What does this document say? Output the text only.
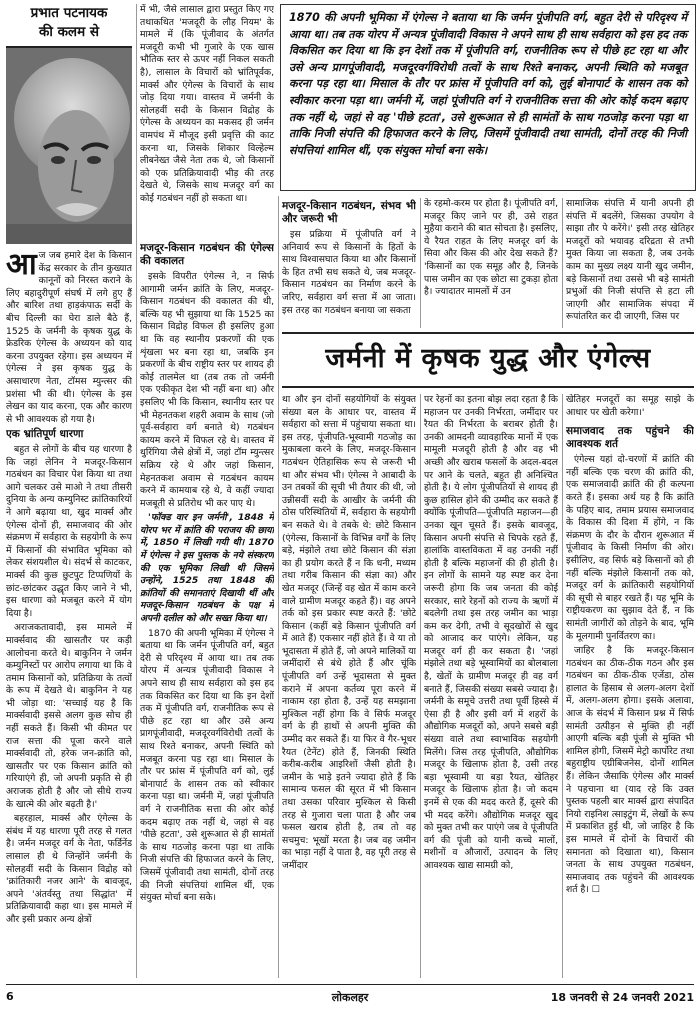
प्रभात पटनायक
की कलम से
1870 की अपनी भूमिका में एंगेल्स ने बताया था कि जर्मन पूंजीपति वर्ग, बहुत देरी से परिदृश्य में आया था। तब तक योरप में अन्यत्र पूंजीवादी विकास ने अपने साथ ही साथ सर्वहारा को इस हद तक विकसित कर दिया था कि इन देशों तक में पूंजीपति वर्ग, राजनीतिक रूप से पीछे हट रहा था और उसे अन्य प्रागपूंजीवादी, मजदूरवर्गविरोधी तत्वों के साथ रिश्ते बनाकर, अपनी स्थिति को मजबूत करना पड़ रहा था। मिसाल के तौर पर फ्रांस में पूंजीपति वर्ग को, लुई बोनापार्ट के शासन तक को स्वीकार करना पड़ा था। जर्मनी में, जहां पूंजीपति वर्ग ने राजनीतिक सत्ता की ओर कोई कदम बढ़ाए तक नहीं थे, जहां से वह 'पीछे हटता', उसे शुरूआत से ही सामंतों के साथ गठजोड़ करना पड़ा था ताकि निजी संपत्ति की हिफाजत करने के लिए, जिसमें पूंजीवादी तथा सामंती, दोनों तरह की निजी संपत्तियां शामिल थीं, एक संयुक्त मोर्चा बना सके।
आ ज जब हमारे देश के किसान केंद्र सरकार के तीन कुख्यात कानूनों को निरस्त कराने के लिए बहादुरीपूर्ण संघर्ष में लगे हुए हैं और बारिश तथा हाड़कंपाऊ सर्दी के बीच दिल्ली का घेरा डाले बैठे हैं, 1525 के जर्मनी के कृषक युद्ध के फ्रेडरिक एंगेल्स के अध्ययन को याद करना उपयुक्त रहेगा। इस अध्ययन में एंगेल्स ने इस कृषक युद्ध के असाधारण नेता, टॉमस म्युन्त्सर की प्रशंसा भी की थी। एंगेल्स के इस लेखन का याद करना, एक और कारण से भी आवश्यक हो गया है।
एक भ्रांतिपूर्ण धारणा

बहुत से लोगों के बीच यह धारणा है कि जहां लेनिन ने मजदूर-किसान गठबंधन का विचार पेश किया था तथा आगे चलकर उसे माओ ने तथा तीसरी दुनिया के अन्य कम्युनिस्ट क्रांतिकारियों ने आगे बढ़ाया था, खुद मार्क्स और एंगेल्स दोनों ही, समाजवाद की ओर संक्रमण में सर्वहारा के सहयोगी के रूप में किसानों की संभावित भूमिका को लेकर संशयशील थे। संदर्भ से काटकर, मार्क्स की कुछ छुटपुट टिप्पणियों के छांट-छांटकर उद्धृत किए जाने ने भी, इस धारणा को मजबूत करने में योग दिया है।

अराजकतावादी, इस मामले में मार्क्सवाद की खासतौर पर कड़ी आलोचना करते थे। बाकुनिन ने जर्मन कम्युनिस्टों पर आरोप लगाया था कि वे तमाम किसानों को, प्रतिक्रिया के तत्वों के रूप में देखते थे। बाकुनिन ने यह भी जोड़ा था: 'सच्चाई यह है कि मार्क्सवादी इससे अलग कुछ सोच ही नहीं सकते हैं। किसी भी कीमत पर राज सत्ता की पूजा करने वाले मार्क्सवादी तो, हरेक जन-क्रांति को, खासतौर पर एक किसान क्रांति को गरियाएंगे ही, जो अपनी प्रकृति से ही अराजक होती है और जो सीधे राज्य के खात्मे की ओर बढ़ती है।'

बहरहाल, मार्क्स और एंगेल्स के संबंध में यह धारणा पूरी तरह से गलत है। जर्मन मजदूर वर्ग के नेता, फर्डिनेंड लासाल ही थे जिन्होंने जर्मनी के सोलहवीं सदी के किसान विद्रोह को 'क्रांतिकारी नजर आने' के बावजूद, अपने 'अंतर्वस्तु तथा सिद्धांत' में प्रतिक्रियावादी कहा था। इस मामले में और इसी प्रकार अन्य क्षेत्रों

में भी, जैसे लासाल द्वारा प्रस्तुत किए गए तथाकथित 'मजदूरी के लौह नियम' के मामले में (कि पूंजीवाद के अंतर्गत मजदूरी कभी भी गुजारे के एक खास भौतिक स्तर से ऊपर नहीं निकल सकती है), लासाल के विचारों को भ्रांतिपूर्वक, मार्क्स और एंगेल्स के विचारों के साथ जोड़ दिया गया। वास्तव में जर्मनी के सोलहवीं सदी के किसान विद्रोह के एंगेल्स के अध्ययन का मकसद ही जर्मन वामपंथ में मौजूद इसी प्रवृत्ति की काट करना था, जिसके शिकार विल्हेल्म लीबनेख्त जैसे नेता तक थे, जो किसानों को एक प्रतिक्रियावादी भीड़ की तरह देखते थे, जिसके साथ मजदूर वर्ग का कोई गठबंधन नहीं हो सकता था।
मजदूर-किसान गठबंधन की एंगेल्स की वकालत

इसके विपरीत एंगेल्स ने, न सिर्फ आगामी जर्मन क्रांति के लिए, मजदूर-किसान गठबंधन की वकालत की थी, बल्कि यह भी सुझाया था कि 1525 का किसान विद्रोह विफल ही इसलिए हुआ था कि वह स्थानीय प्रकरणों की एक शृंखला भर बना रहा था, जबकि इन प्रकरणों के बीच राष्ट्रीय स्तर पर शायद ही कोई तालमेल था (तब तक तो जर्मनी एक एकीकृत देश भी नहीं बना था) और इसलिए भी कि किसान, स्थानीय स्तर पर भी मेहनतकश शहरी अवाम के साथ (जो पूर्व-सर्वहारा वर्ग बनाते थे) गठबंधन कायम करने में विफल रहे थे। वास्तव में थुरिंगिया जैसे क्षेत्रों में, जहां टॉम म्युन्त्सर सक्रिय रहे थे और जहां किसान, मेहनतकश अवाम से गठबंधन कायम करने में कामयाब रहे थे, वे कहीं ज्यादा मजबूती से प्रतिरोध भी कर पाए थे।

'फॉक्ड वार इन जर्मनी', 1848 में योरप भर में क्रांति की पराजय की छाया में, 1850 में लिखी गयी थी। 1870 में एंगेल्स ने इस पुस्तक के नये संस्करण की एक भूमिका लिखी थी जिसमें उन्होंने, 1525 तथा 1848 की क्रांतियों की समानताएं दिखायी थीं और मजदूर-किसान गठबंधन के पक्ष में अपनी दलील को और सख्त किया था।

1870 की अपनी भूमिका में एंगेल्स ने बताया था कि जर्मन पूंजीपति वर्ग, बहुत देरी से परिदृश्य में आया था। तब तक योरप में अन्यत्र पूंजीवादी विकास ने अपने साथ ही साथ सर्वहारा को इस हद तक विकसित कर दिया था कि इन देशों तक में पूंजीपति वर्ग, राजनीतिक रूप से पीछे हट रहा था और उसे अन्य प्रागपूंजीवादी, मजदूरवर्गविरोधी तत्वों के साथ रिश्ते बनाकर, अपनी स्थिति को मजबूत करना पड़ रहा था। मिसाल के तौर पर फ्रांस में पूंजीपति वर्ग को, लुई बोनापार्ट के शासन तक को स्वीकार करना पड़ा था। जर्मनी में, जहां पूंजीपति वर्ग ने राजनीतिक सत्ता की ओर कोई कदम बढ़ाए तक नहीं थे, जहां से वह 'पीछे हटता', उसे शुरूआत से ही सामंतों के साथ गठजोड़ करना पड़ा था ताकि निजी संपत्ति की हिफाजत करने के लिए, जिसमें पूंजीवादी तथा सामंती, दोनों तरह की निजी संपत्तियां शामिल थीं, एक संयुक्त मोर्चा बना सके।

मजदूर-किसान गठबंधन, संभव भी और जरूरी भी

इस प्रक्रिया में पूंजीपति वर्ग ने अनिवार्य रूप से किसानों के हितों के साथ विश्वासघात किया था और किसानों के हित तभी सध सकते थे, जब मजदूर-किसान गठबंधन का निर्माण करने के जरिए, सर्वहारा वर्ग सत्ता में आ जाता। इस तरह का गठबंधन बनाया जा सकता

के रहमो-करम पर होता है। पूंजीपति वर्ग, मजदूर किए जाने पर ही, उसे राहत मुहैया कराने की बात सोचता है। इसलिए, ये रैयत राहत के लिए मजदूर वर्ग के सिवा और किस की ओर देख सकते हैं? 'किसानों का एक समूह और है, जिनके पास जमीन का एक छोटा सा टुकड़ा होता है। ज्यादातर मामलों में उन
सामाजिक संपत्ति में यानी अपनी ही संपत्ति में बदलेंगे, जिसका उपयोग वे साझा तौर पे करेंगे।' इसी तरह खेतिहर मजदूरों को भयावह दरिद्रता से तभी मुक्त किया जा सकता है, जब उनके काम का मुख्य लक्ष्य यानी खुद जमीन, बड़े किसानों तथा उससे भी बड़े सामंती प्रभुओं की निजी संपत्ति से हटा ली जाएगी और सामाजिक संपदा में रूपांतरित कर दी जाएगी, जिस पर
जर्मनी में कृषक युद्ध और एंगेल्स
था और इन दोनों सहयोगियों के संयुक्त संख्या बल के आधार पर, वास्तव में सर्वहारा को सत्ता में पहुंचाया सकता था। इस तरह, पूंजीपति-भूस्वामी गठजोड़ का मुकाबला करने के लिए, मजदूर-किसान गठबंधन ऐतिहासिक रूप से जरूरी भी था और संभव भी। एंगेल्स ने आबादी के उन तबकों की सूची भी तैयार की थी, जो उन्नीसवीं सदी के आखीर के जर्मनी की ठोस परिस्थितियों में, सर्वहारा के सहयोगी बन सकते थे। वे तबके थे: छोटे किसान (एंगेल्स, किसानों के विभिन्न वर्गों के लिए बड़े, मंझोले तथा छोटे किसान की संज्ञा का ही प्रयोग करते हैं न कि धनी, मध्यम तथा गरीब किसान की संज्ञा का) और खेत मजदूर (जिन्हें वह खेत में काम करने वाले ग्रामीण मजदूर कहते हैं)। वह अपने तर्क को इस प्रकार स्पष्ट करते हैं: 'छोटे किसान (कहीं बड़े किसान पूंजीपति वर्ग में आते हैं) एकसार नहीं होते हैं। वे या तो भूदासता में होते हैं, जो अपने मालिकों या जमींदारों से बंधे होते हैं और चूंकि पूंजीपति वर्ग उन्हें भूदासता से मुक्त कराने में अपना कर्तव्य पूरा करने में नाकाम रहा होता है, उन्हें यह समझाना मुश्किल नहीं होगा कि वे सिर्फ मजदूर वर्ग के ही हाथों से अपनी मुक्ति की उम्मीद कर सकते हैं। या फिर वे गैर-भूधर रैयत (टेनेंट) होते हैं, जिनकी स्थिति करीब-करीब आइरिशों जैसी होती है। जमीन के भाड़े इतने ज्यादा होते हैं कि सामान्य फसल की सूरत में भी किसान तथा उसका परिवार मुश्किल से किसी तरह से गुजारा चला पाता है और जब फसल खराब होती है, तब तो वह सचमुच: भूखों मरता है। जब वह जमीन का भाड़ा नहीं दे पाता है, वह पूरी तरह से जमींदार
पर रेहनों का इतना बोझ लदा रहता है कि महाजन पर उनकी निर्भरता, जमींदार पर रैयत की निर्भरता के बराबर होती है। उनकी आमदनी व्यावहारिक मानों में एक मामूली मजदूरी होती है और वह भी अच्छी और खराब फसलों के अदल-बदल पर आने के चलते, बहुत ही अनिश्चित होती है। ये लोग पूंजीपतियों से शायद ही कुछ हासिल होने की उम्मीद कर सकते हैं क्योंकि पूंजीपति—पूंजीपति महाजन—ही उनका खून चूसते हैं। इसके बावजूद, किसान अपनी संपत्ति से चिपके रहते हैं, हालांकि वास्तविकता में वह उनकी नहीं होती है बल्कि महाजनों की ही होती है। इन लोगों के सामने यह स्पष्ट कर देना जरूरी होगा कि जब जनता की कोई सरकार, सारे रेहनों को राज्य के ऋणों में बदलेगी तथा इस तरह जमीन का भाड़ा कम कर देगी, तभी वे सूदखोरों से खुद को आजाद कर पाएंगे। लेकिन, यह मजदूर वर्ग ही कर सकता है। 'जहां मंझोले तथा बड़े भूस्वामियों का बोलबाला है, खेतों के ग्रामीण मजदूर ही वह वर्ग बनाते हैं, जिसकी संख्या सबसे ज्यादा है। जर्मनी के समूचे उत्तरी तथा पूर्वी हिस्से में ऐसा ही है और इसी वर्ग में शहरों के औद्योगिक मजदूरों को, अपने सबसे बड़ी संख्या वाले तथा स्वाभाविक सहयोगी मिलेंगे। जिस तरह पूंजीपति, औद्योगिक मजदूर के खिलाफ होता है, उसी तरह बड़ा भूस्वामी या बड़ा रैयत, खेतिहर मजदूर के खिलाफ होता है। जो कदम इनमें से एक की मदद करते हैं, दूसरे की भी मदद करेंगे। औद्योगिक मजदूर खुद को मुक्त तभी कर पाएंगे जब वे पूंजीपति वर्ग की पूंजी को यानी कच्चे मालों, मशीनों व औजारों, उत्पादन के लिए आवश्यक खाद्य सामग्री को,
खेतिहर मजदूरों का समूह साझे के आधार पर खेती करेगा।'
समाजवाद तक पहुंचने की आवश्यक शर्त

एंगेल्स यहां दो-चरणों में क्रांति की नहीं बल्कि एक चरण की क्रांति की, एक समाजवादी क्रांति की ही कल्पना करते हैं। इसका अर्थ यह है कि क्रांति के पहिए बाद, तमाम प्रयास समाजवाद के विकास की दिशा में होंगे, न कि संक्रमण के दौर के दौरान शुरूआत में पूंजीवाद के किसी निर्माण की ओर। इसीलिए, वह सिर्फ बड़े किसानों को ही नहीं बल्कि मंझोले किसानों तक को, मजदूर वर्ग के क्रांतिकारी सहयोगियों की सूची से बाहर रखते हैं। यह भूमि के राष्ट्रीयकरण का सुझाव देते हैं, न कि सामंती जागीरों को तोड़ने के बाद, भूमि के मूलगामी पुनर्वितरण का।

जाहिर है कि मजदूर-किसान गठबंधन का ठीक-ठीक गठन और इस गठबंधन का ठीक-ठीक एजेंडा, ठोस हालात के हिसाब से अलग-अलग देशों में, अलग-अलग होगा। इसके अलावा, आज के संदर्भ में किसान प्रश्न में सिर्फ सामंती उत्पीड़न से मुक्ति ही नहीं आएगी बल्कि बड़ी पूंजी से मुक्ति भी शामिल होगी, जिसमें मेट्रो कार्पोरेट तथा बहुराष्ट्रीय एग्रीबिजनेस, दोनों शामिल हैं। लेकिन जैसाकि एंगेल्स और मार्क्स ने पहचाना था (याद रहे कि उक्त पुस्तक पहली बार मार्क्स द्वारा संपादित नियो राइनिश त्साइटुंग में, लेखों के रूप में प्रकाशित हुई थी, जो जाहिर है कि इस मामले में दोनों के विचारों की समानता को दिखाता था), किसान जनता के साथ उपयुक्त गठबंधन, समाजवाद तक पहुंचने की आवश्यक शर्त है। ☐

6	लोकलहर	18 जनवरी से 24 जनवरी 2021
